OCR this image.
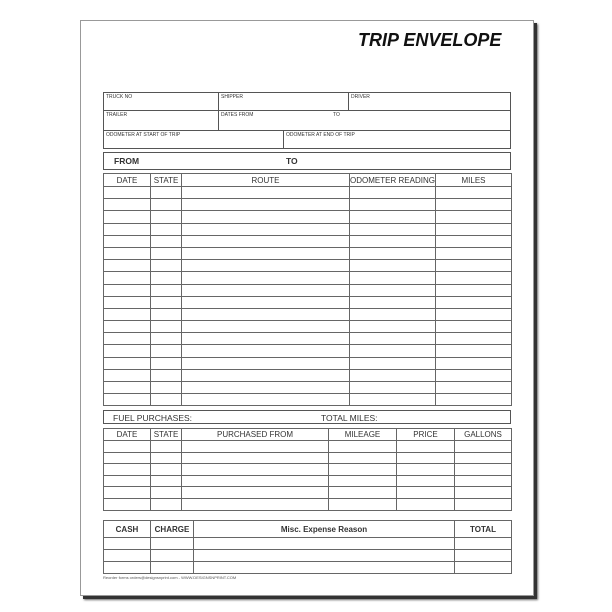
TRIP ENVELOPE
TRUCK NO	SHIPPER	DRIVER
TRAILER	DATES FROM	TO
ODOMETER AT START OF TRIP	ODOMETER AT END OF TRIP
FROM	TO
DATE	STATE	ROUTE	ODOMETER READING	MILES

FUEL PURCHASES:	TOTAL MILES:
DATE	STATE	PURCHASED FROM	MILEAGE	PRICE	GALLONS

CASH	CHARGE	Misc. Expense Reason	TOTAL

Reorder forms orders@designsnprint.com - WWW.DESIGNSNPRINT.COM
